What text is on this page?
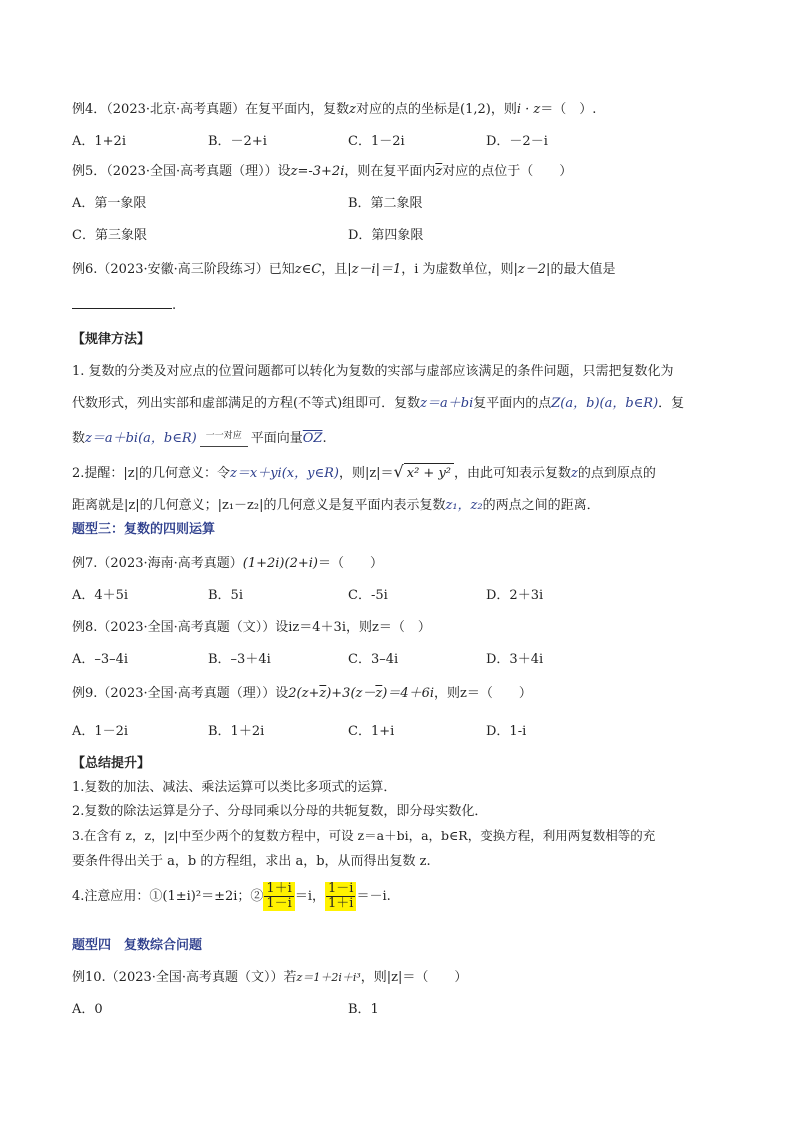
例4．（2023·北京·高考真题）在复平面内，复数z对应的点的坐标是(1,2)，则i · z＝（　）.
A．1+2i	B．－2+i	C．1－2i	D．－2－i
例5．（2023·全国·高考真题（理））设z=-3+2i，则在复平面内$\overline{z}$对应的点位于（　　）
A．第一象限	B．第二象限
C．第三象限	D．第四象限
例6.（2023·安徽·高三阶段练习）已知z∈C，且|z－i|＝1，i 为虚数单位，则|z－2|的最大值是
.
【规律方法】
1. 复数的分类及对应点的位置问题都可以转化为复数的实部与虚部应该满足的条件问题，只需把复数化为
代数形式，列出实部和虚部满足的方程(不等式)组即可．复数z＝a＋bi复平面内的点Z(a，b)(a，b∈R)．复
数z＝a＋bi(a，b∈R) 一一对应 平面向量$\overline{OZ}$.
2.提醒：|z|的几何意义：令z＝x＋yi(x，y∈R)，则|z|＝√ x² + y² ，由此可知表示复数z的点到原点的
距离就是|z|的几何意义；|z₁－z₂|的几何意义是复平面内表示复数z₁，z₂的两点之间的距离．
题型三：复数的四则运算
例7.（2023·海南·高考真题）(1+2i)(2+i)＝（　　）
A．4＋5i	B．5i	C．-5i	D．2＋3i
例8.（2023·全国·高考真题（文））设iz＝4＋3i，则z＝（　）
A．–3–4i	B．–3＋4i	C．3–4i	D．3＋4i
例9.（2023·全国·高考真题（理））设$2(z+\overline{z})+3(z-\overline{z})=4+6i$，则z＝（　　）
A．1－2i	B．1＋2i	C．1+i	D．1-i
【总结提升】
1.复数的加法、减法、乘法运算可以类比多项式的运算．
2.复数的除法运算是分子、分母同乘以分母的共轭复数，即分母实数化．
3.在含有 z，z，|z|中至少两个的复数方程中，可设 z＝a＋bi，a，b∈R，变换方程，利用两复数相等的充
要条件得出关于 a，b 的方程组，求出 a，b，从而得出复数 z.
4.注意应用：①(1±i)²＝±2i；② $\frac{1+i}{1-i} =i$， $\frac{1-i}{1+i} =-i$.
题型四　复数综合问题
例10.（2023·全国·高考真题（文））若z＝1＋2i＋i³，则|z|＝（　　）
A．0	B．1
